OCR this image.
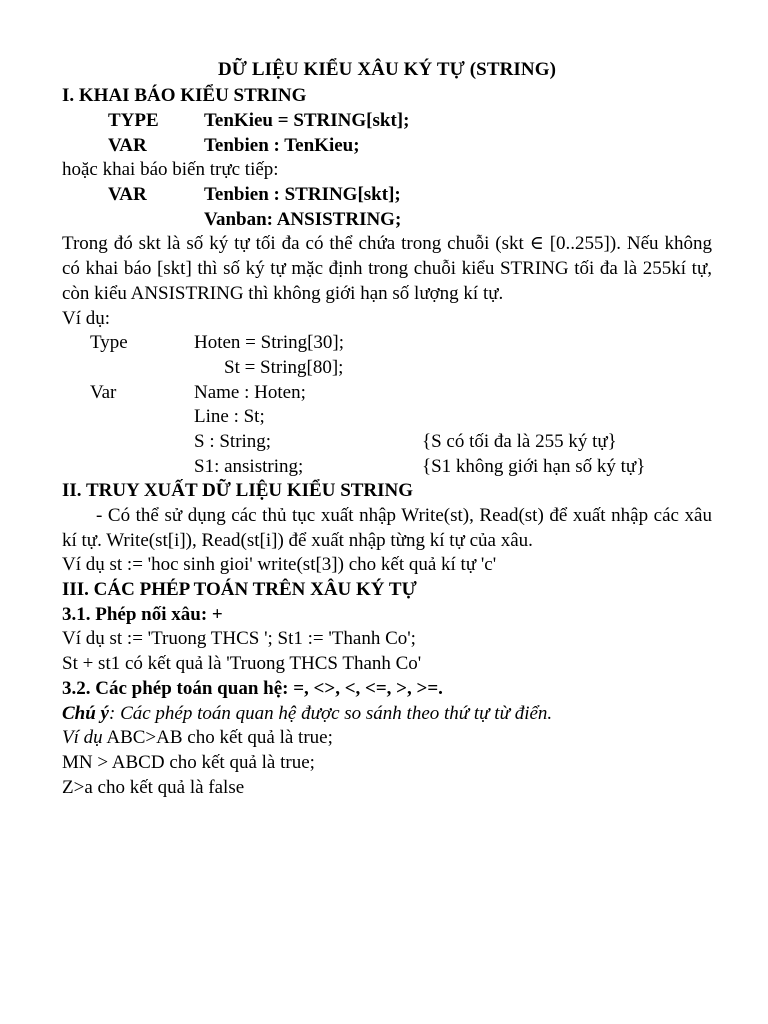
DỮ LIỆU KIỂU XÂU KÝ TỰ (STRING)
I. KHAI BÁO KIỂU STRING
TYPE	TenKieu = STRING[skt];
VAR	Tenbien : TenKieu;
hoặc khai báo biến trực tiếp:
VAR	Tenbien : STRING[skt];
Vanban: ANSISTRING;
Trong đó skt là số ký tự tối đa có thể chứa trong chuỗi (skt ∈ [0..255]). Nếu không có khai báo [skt] thì số ký tự mặc định trong chuỗi kiểu STRING tối đa là 255kí tự, còn kiểu ANSISTRING thì không giới hạn số lượng kí tự.
Ví dụ:
Type	Hoten = String[30];
St = String[80];
Var	Name : Hoten;
Line : St;
S : String;	{S có tối đa là 255 ký tự}
S1: ansistring;	{S1 không giới hạn số ký tự}
II. TRUY XUẤT DỮ LIỆU KIỂU STRING
- Có thể sử dụng các thủ tục xuất nhập Write(st), Read(st) để xuất nhập các xâu kí tự. Write(st[i]), Read(st[i]) để xuất nhập từng kí tự của xâu.
Ví dụ st := 'hoc sinh gioi' write(st[3]) cho kết quả kí tự 'c'
III. CÁC PHÉP TOÁN TRÊN XÂU KÝ TỰ
3.1. Phép nối xâu: +
Ví dụ st := 'Truong THCS '; St1 := 'Thanh Co';
St + st1 có kết quả là 'Truong THCS Thanh Co'
3.2. Các phép toán quan hệ: =, <>, <, <=, >, >=.
Chú ý: Các phép toán quan hệ được so sánh theo thứ tự từ điển.
Ví dụ ABC>AB cho kết quả là true;
MN > ABCD cho kết quả là true;
Z>a cho kết quả là false
